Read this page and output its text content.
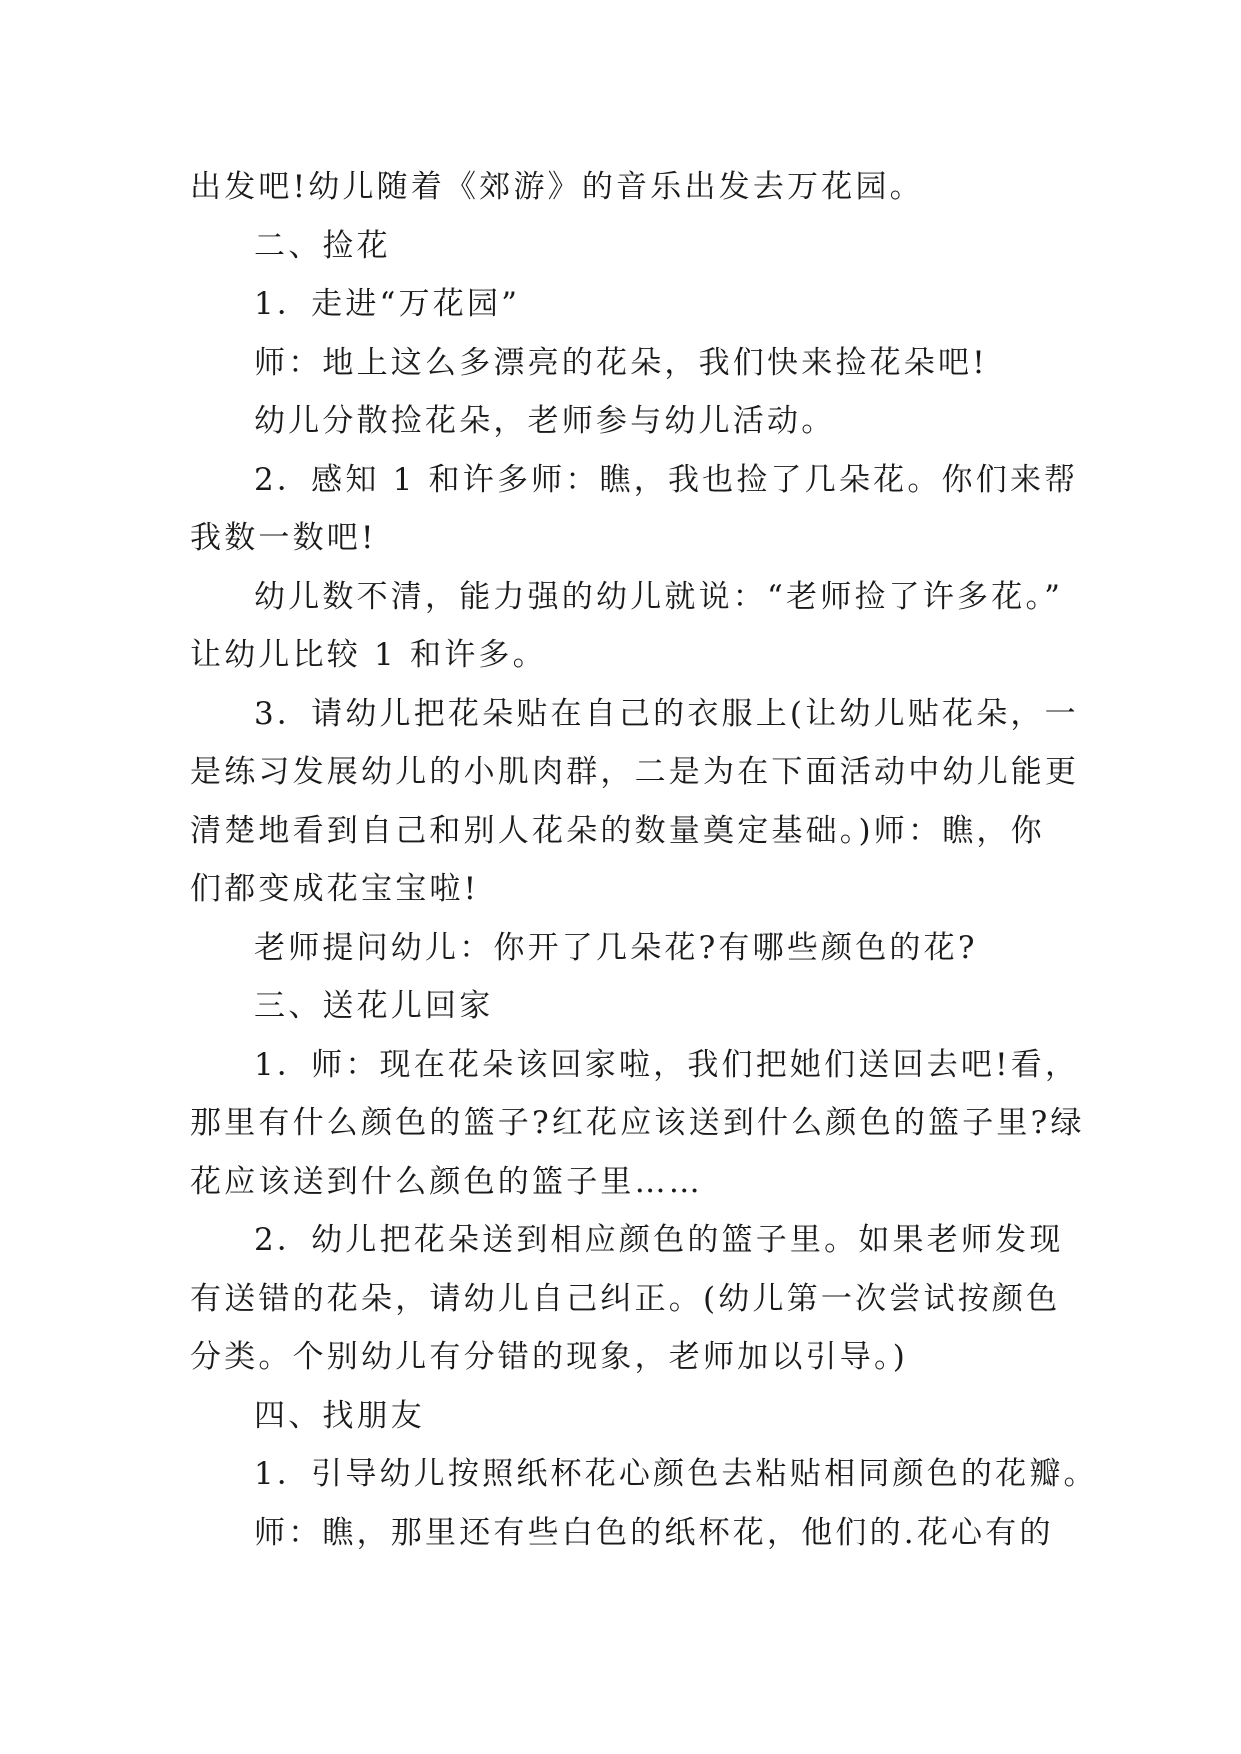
出发吧!幼儿随着《郊游》的音乐出发去万花园。
二、捡花
1．走进“万花园”
师：地上这么多漂亮的花朵，我们快来捡花朵吧!
幼儿分散捡花朵，老师参与幼儿活动。
2．感知 1 和许多师：瞧，我也捡了几朵花。你们来帮
我数一数吧!
幼儿数不清，能力强的幼儿就说：“老师捡了许多花。”
让幼儿比较 1 和许多。
3．请幼儿把花朵贴在自己的衣服上(让幼儿贴花朵，一
是练习发展幼儿的小肌肉群，二是为在下面活动中幼儿能更
清楚地看到自己和别人花朵的数量奠定基础。)师：瞧，你
们都变成花宝宝啦!
老师提问幼儿：你开了几朵花?有哪些颜色的花?
三、送花儿回家
1．师：现在花朵该回家啦，我们把她们送回去吧!看，
那里有什么颜色的篮子?红花应该送到什么颜色的篮子里?绿
花应该送到什么颜色的篮子里……
2．幼儿把花朵送到相应颜色的篮子里。如果老师发现
有送错的花朵，请幼儿自己纠正。(幼儿第一次尝试按颜色
分类。个别幼儿有分错的现象，老师加以引导。)
四、找朋友
1．引导幼儿按照纸杯花心颜色去粘贴相同颜色的花瓣。
师：瞧，那里还有些白色的纸杯花，他们的.花心有的
